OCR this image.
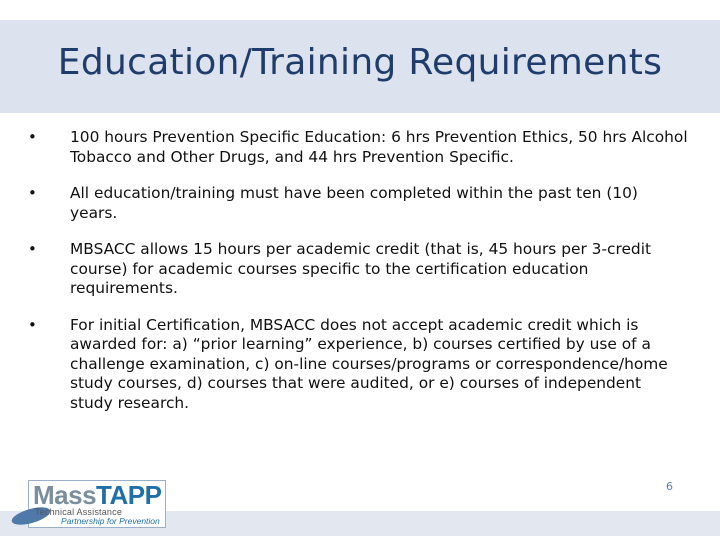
Education/Training Requirements
• 100 hours Prevention Specific Education: 6 hrs Prevention Ethics, 50 hrs Alcohol Tobacco and Other Drugs, and 44 hrs Prevention Specific.
• All education/training must have been completed within the past ten (10) years.
• MBSACC allows 15 hours per academic credit (that is, 45 hours per 3-credit course) for academic courses specific to the certification education requirements.
• For initial Certification, MBSACC does not accept academic credit which is awarded for: a) “prior learning” experience, b) courses certified by use of a challenge examination, c) on-line courses/programs or correspondence/home study courses, d) courses that were audited, or e) courses of independent study research.
MassTAPP
Technical Assistance
Partnership for Prevention
6
